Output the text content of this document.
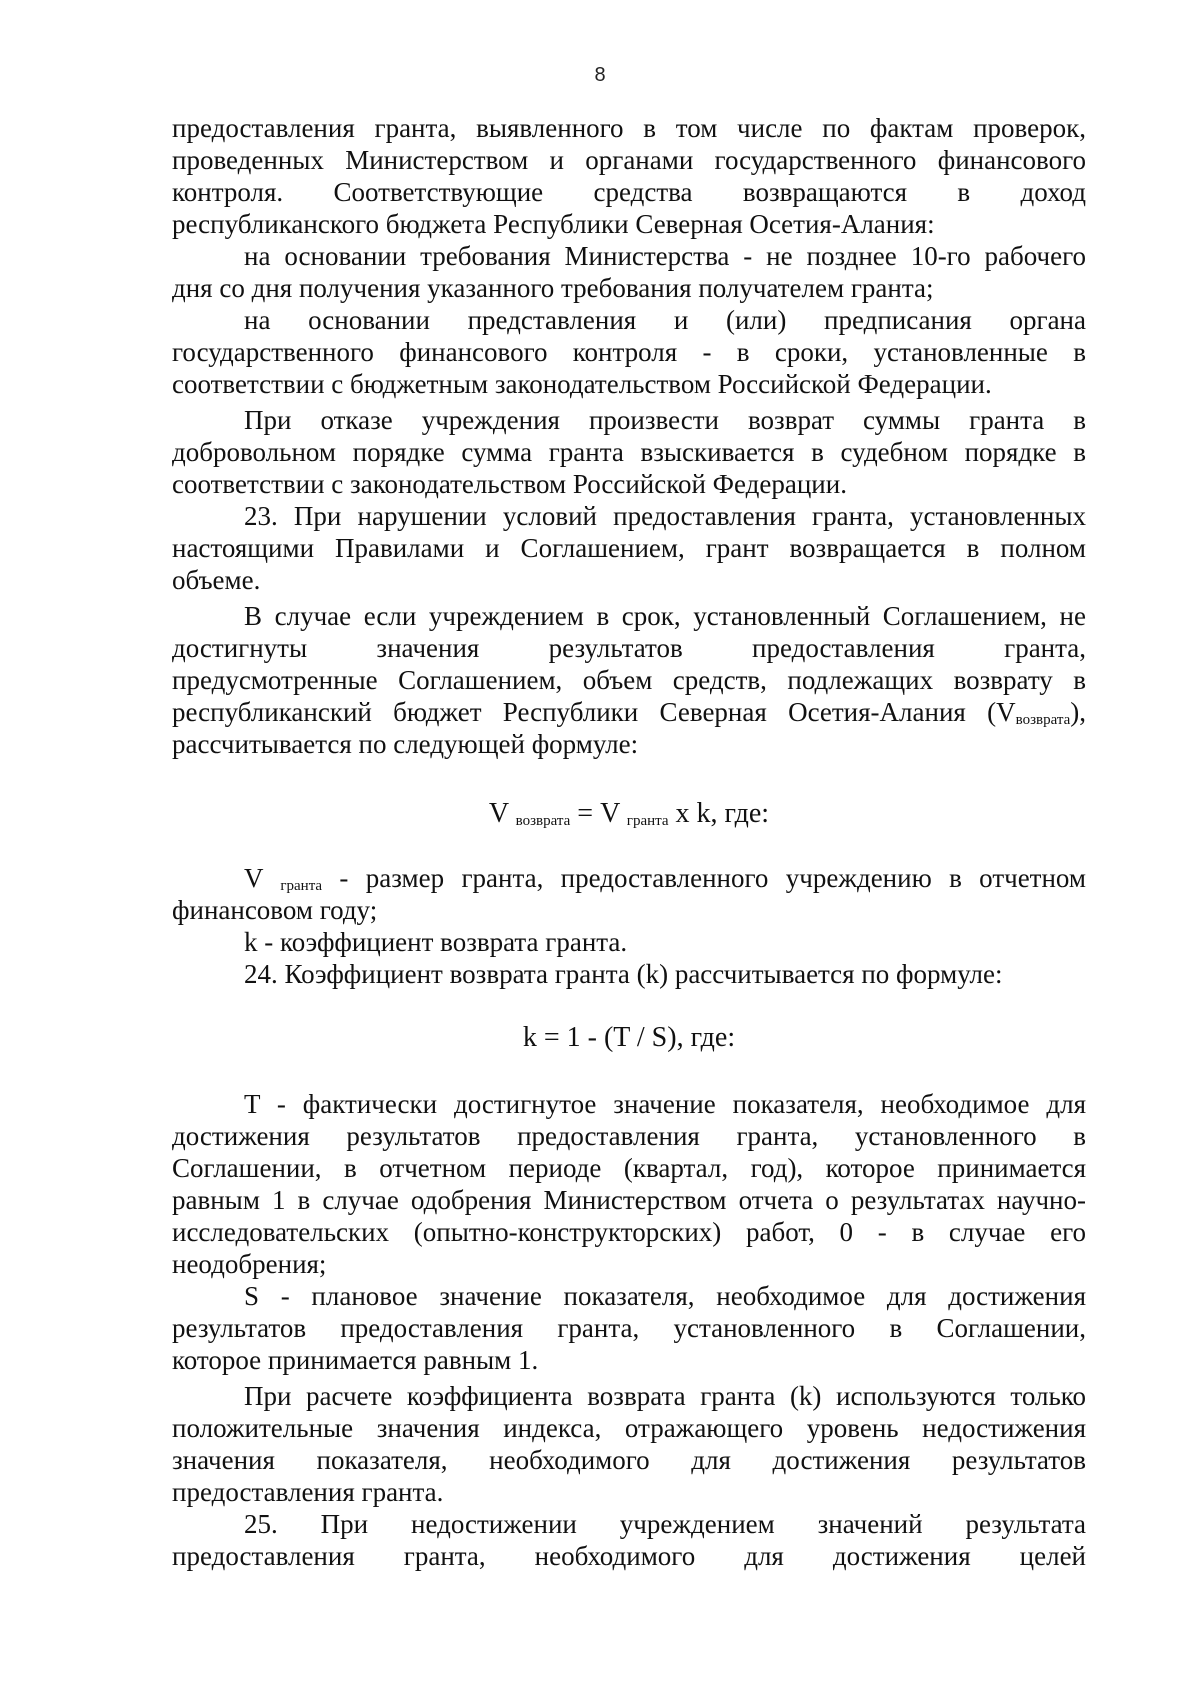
8
предоставления гранта, выявленного в том числе по фактам проверок,
проведенных Министерством и органами государственного финансового
контроля. Соответствующие средства возвращаются в доход
республиканского бюджета Республики Северная Осетия-Алания:
на основании требования Министерства - не позднее 10-го рабочего
дня со дня получения указанного требования получателем гранта;
на основании представления и (или) предписания органа
государственного финансового контроля - в сроки, установленные в
соответствии с бюджетным законодательством Российской Федерации.
При отказе учреждения произвести возврат суммы гранта в
добровольном порядке сумма гранта взыскивается в судебном порядке в
соответствии с законодательством Российской Федерации.
23. При нарушении условий предоставления гранта, установленных
настоящими Правилами и Соглашением, грант возвращается в полном
объеме.
В случае если учреждением в срок, установленный Соглашением, не
достигнуты значения результатов предоставления гранта,
предусмотренные Соглашением, объем средств, подлежащих возврату в
республиканский бюджет Республики Северная Осетия-Алания $(V_{возврата})$,
рассчитывается по следующей формуле:
V $_{возврата}$ = V $_{гранта}$ x k, где:
V $_{гранта}$ - размер гранта, предоставленного учреждению в отчетном
финансовом году;
k - коэффициент возврата гранта.
24. Коэффициент возврата гранта (k) рассчитывается по формуле:
k = 1 - (T / S), где:
T - фактически достигнутое значение показателя, необходимое для
достижения результатов предоставления гранта, установленного в
Соглашении, в отчетном периоде (квартал, год), которое принимается
равным 1 в случае одобрения Министерством отчета о результатах научно-
исследовательских (опытно-конструкторских) работ, 0 - в случае его
неодобрения;
S - плановое значение показателя, необходимое для достижения
результатов предоставления гранта, установленного в Соглашении,
которое принимается равным 1.
При расчете коэффициента возврата гранта (k) используются только
положительные значения индекса, отражающего уровень недостижения
значения показателя, необходимого для достижения результатов
предоставления гранта.
25. При недостижении учреждением значений результата
предоставления гранта, необходимого для достижения целей
